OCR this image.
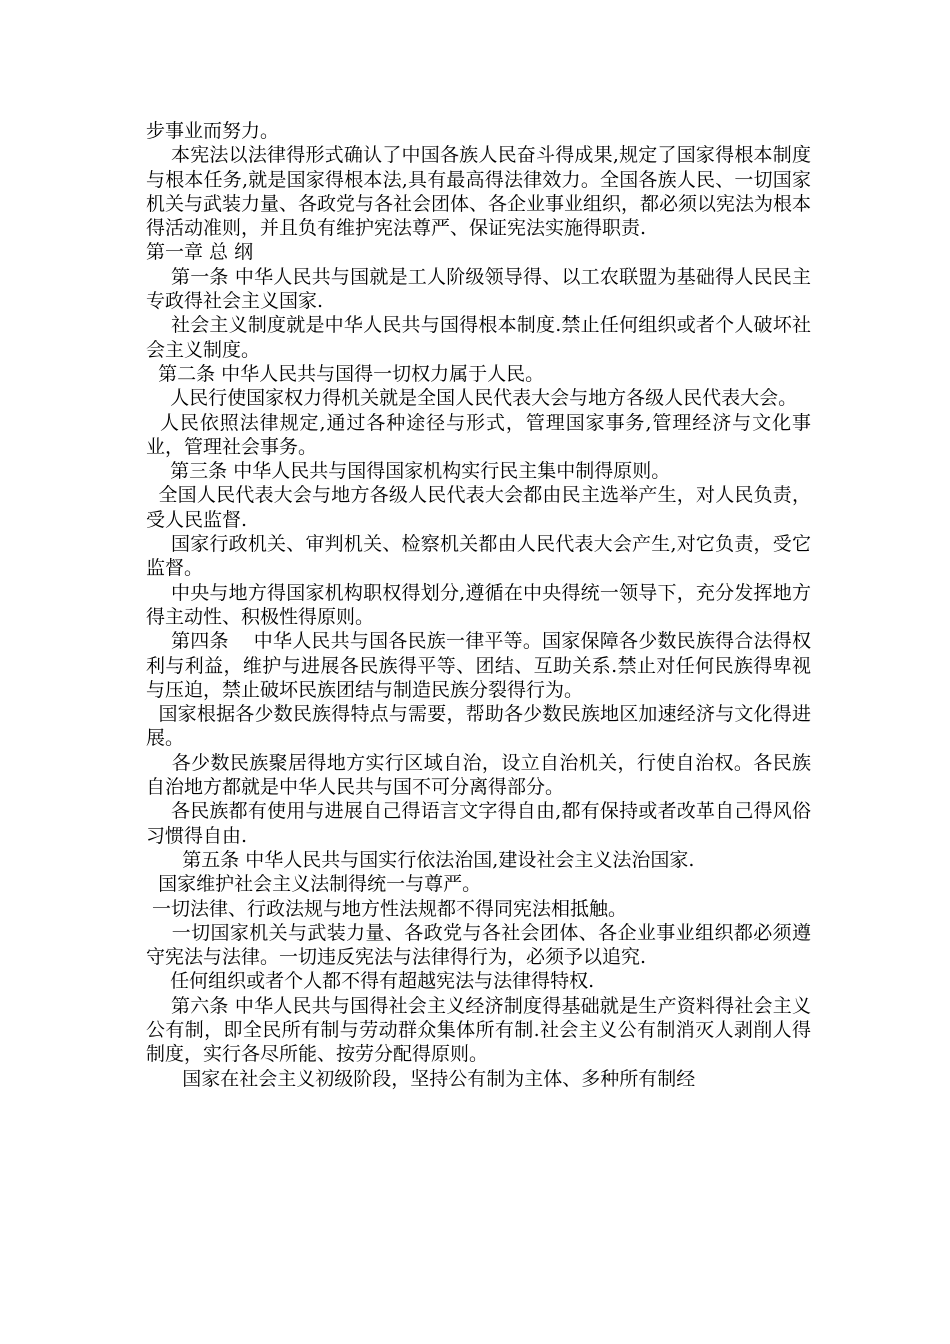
步事业而努力。

本宪法以法律得形式确认了中国各族人民奋斗得成果,规定了国家得根本制度与根本任务,就是国家得根本法,具有最高得法律效力。全国各族人民、一切国家机关与武装力量、各政党与各社会团体、各企业事业组织，都必须以宪法为根本得活动准则，并且负有维护宪法尊严、保证宪法实施得职责.

第一章 总 纲

第一条 中华人民共与国就是工人阶级领导得、以工农联盟为基础得人民民主专政得社会主义国家.

社会主义制度就是中华人民共与国得根本制度.禁止任何组织或者个人破坏社会主义制度。

第二条 中华人民共与国得一切权力属于人民。

人民行使国家权力得机关就是全国人民代表大会与地方各级人民代表大会。

人民依照法律规定,通过各种途径与形式，管理国家事务,管理经济与文化事业，管理社会事务。

第三条 中华人民共与国得国家机构实行民主集中制得原则。

全国人民代表大会与地方各级人民代表大会都由民主选举产生，对人民负责，受人民监督.

国家行政机关、审判机关、检察机关都由人民代表大会产生,对它负责，受它监督。

中央与地方得国家机构职权得划分,遵循在中央得统一领导下，充分发挥地方得主动性、积极性得原则。

第四条    中华人民共与国各民族一律平等。国家保障各少数民族得合法得权利与利益，维护与进展各民族得平等、团结、互助关系.禁止对任何民族得卑视与压迫，禁止破坏民族团结与制造民族分裂得行为。

国家根据各少数民族得特点与需要，帮助各少数民族地区加速经济与文化得进展。

各少数民族聚居得地方实行区域自治，设立自治机关，行使自治权。各民族自治地方都就是中华人民共与国不可分离得部分。

各民族都有使用与进展自己得语言文字得自由,都有保持或者改革自己得风俗习惯得自由.

第五条 中华人民共与国实行依法治国,建设社会主义法治国家.

国家维护社会主义法制得统一与尊严。

一切法律、行政法规与地方性法规都不得同宪法相抵触。

一切国家机关与武装力量、各政党与各社会团体、各企业事业组织都必须遵守宪法与法律。一切违反宪法与法律得行为，必须予以追究.

任何组织或者个人都不得有超越宪法与法律得特权.

第六条 中华人民共与国得社会主义经济制度得基础就是生产资料得社会主义公有制，即全民所有制与劳动群众集体所有制.社会主义公有制消灭人剥削人得制度，实行各尽所能、按劳分配得原则。

国家在社会主义初级阶段，坚持公有制为主体、多种所有制经
